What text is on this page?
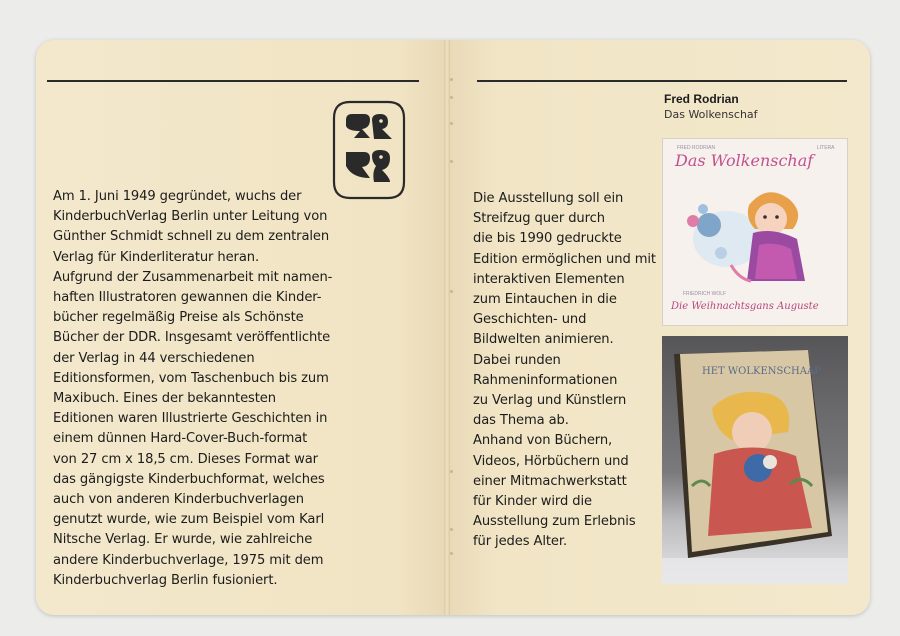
Am 1. Juni 1949 gegründet, wuchs der

KinderbuchVerlag Berlin unter Leitung von

Günther Schmidt schnell zu dem zentralen

Verlag für Kinderliteratur heran.

Aufgrund der Zusammenarbeit mit namen-

haften Illustratoren gewannen die Kinder-

bücher regelmäßig Preise als Schönste

Bücher der DDR. Insgesamt veröffentlichte

der Verlag in 44 verschiedenen

Editionsformen, vom Taschenbuch bis zum

Maxibuch. Eines der bekanntesten

Editionen waren Illustrierte Geschichten in

einem dünnen Hard-Cover-Buch-format

von 27 cm x 18,5 cm. Dieses Format war

das gängigste Kinderbuchformat, welches

auch von anderen Kinderbuchverlagen

genutzt wurde, wie zum Beispiel vom Karl

Nitsche Verlag. Er wurde, wie zahlreiche

andere Kinderbuchverlage, 1975 mit dem

Kinderbuchverlag Berlin fusioniert.

Fred Rodrian
Das Wolkenschaf

Die Ausstellung soll ein

Streifzug quer durch

die bis 1990 gedruckte

Edition ermöglichen und mit

interaktiven Elementen

zum Eintauchen in die

Geschichten- und

Bildwelten animieren.

Dabei runden

Rahmeninformationen

zu Verlag und Künstlern

das Thema ab.

Anhand von Büchern,

Videos, Hörbüchern und

einer Mitmachwerkstatt

für Kinder wird die

Ausstellung zum Erlebnis

für jedes Alter.

FRED RODRIAN	LITERA
Das Wolkenschaf
FRIEDRICH WOLF
Die Weihnachtsgans Auguste
HET WOLKENSCHAAP
